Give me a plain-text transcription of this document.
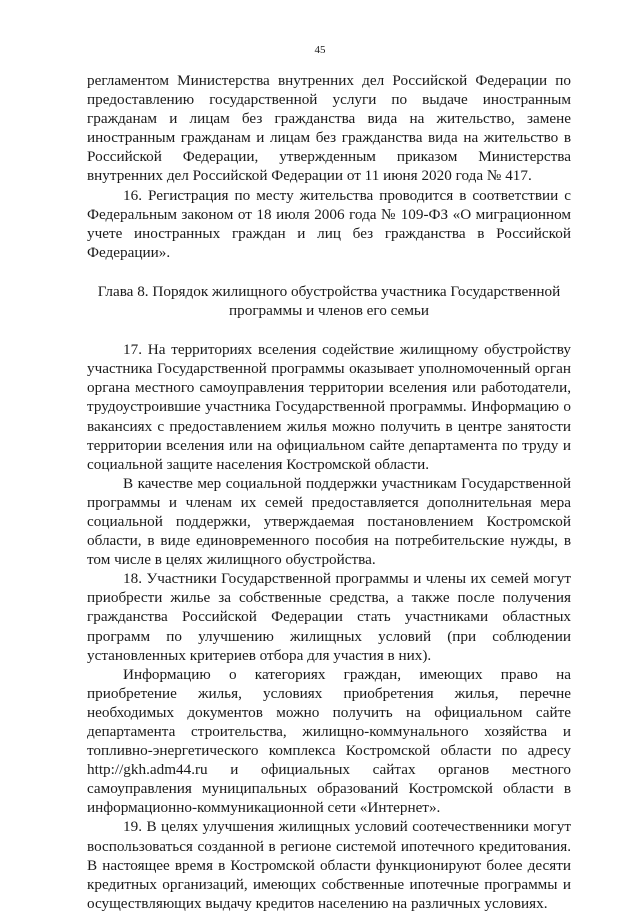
45

регламентом Министерства внутренних дел Российской Федерации по предоставлению государственной услуги по выдаче иностранным гражданам и лицам без гражданства вида на жительство, замене иностранным гражданам и лицам без гражданства вида на жительство в Российской Федерации, утвержденным приказом Министерства внутренних дел Российской Федерации от 11 июня 2020 года № 417.

16. Регистрация по месту жительства проводится в соответствии с Федеральным законом от 18 июля 2006 года № 109-ФЗ «О миграционном учете иностранных граждан и лиц без гражданства в Российской Федерации».

Глава 8. Порядок жилищного обустройства участника Государственной программы и членов его семьи

17. На территориях вселения содействие жилищному обустройству участника Государственной программы оказывает уполномоченный орган органа местного самоуправления территории вселения или работодатели, трудоустроившие участника Государственной программы. Информацию о вакансиях с предоставлением жилья можно получить в центре занятости территории вселения или на официальном сайте департамента по труду и социальной защите населения Костромской области.

В качестве мер социальной поддержки участникам Государственной программы и членам их семей предоставляется дополнительная мера социальной поддержки, утверждаемая постановлением Костромской области, в виде единовременного пособия на потребительские нужды, в том числе в целях жилищного обустройства.

18. Участники Государственной программы и члены их семей могут приобрести жилье за собственные средства, а также после получения гражданства Российской Федерации стать участниками областных программ по улучшению жилищных условий (при соблюдении установленных критериев отбора для участия в них).

Информацию о категориях граждан, имеющих право на приобретение жилья, условиях приобретения жилья, перечне необходимых документов можно получить на официальном сайте департамента строительства, жилищно-коммунального хозяйства и топливно-энергетического комплекса Костромской области по адресу http://gkh.adm44.ru и официальных сайтах органов местного самоуправления муниципальных образований Костромской области в информационно-коммуникационной сети «Интернет».

19. В целях улучшения жилищных условий соотечественники могут воспользоваться созданной в регионе системой ипотечного кредитования. В настоящее время в Костромской области функционируют более десяти кредитных организаций, имеющих собственные ипотечные программы и осуществляющих выдачу кредитов населению на различных условиях.
